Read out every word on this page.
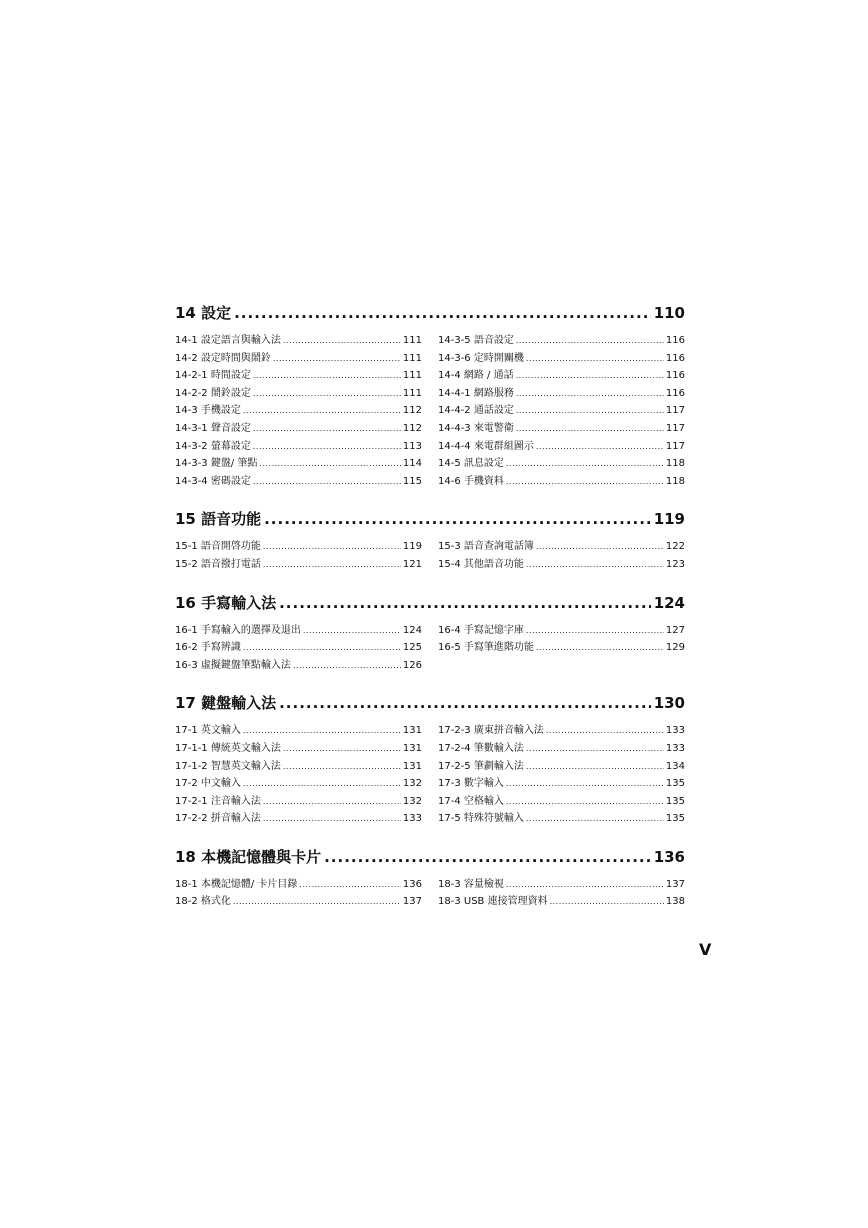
14 設定 .....	110
14-1 設定語言與輸入法 .....	111
14-2 設定時間與鬧鈴 .....	111
14-2-1 時間設定 .....	111
14-2-2 鬧鈴設定 .....	111
14-3 手機設定 .....	112
14-3-1 聲音設定 .....	112
14-3-2 螢幕設定 .....	113
14-3-3 鍵盤/ 筆點 .....	114
14-3-4 密碼設定 .....	115
14-3-5 語音設定 .....	116
14-3-6 定時開關機 .....	116
14-4 網路 / 通話 .....	116
14-4-1 網路服務 .....	116
14-4-2 通話設定 .....	117
14-4-3 來電警衛 .....	117
14-4-4 來電群組圖示 .....	117
14-5 訊息設定 .....	118
14-6 手機資料 .....	118
15 語音功能 .....	119
15-1 語音開啓功能 .....	119
15-2 語音撥打電話 .....	121
15-3 語音查詢電話簿 .....	122
15-4 其他語音功能 .....	123
16 手寫輸入法 .....	124
16-1 手寫輸入的選擇及退出 .....	124
16-2 手寫辨識 .....	125
16-3 虛擬鍵盤筆點輸入法 .....	126
16-4 手寫記憶字庫 .....	127
16-5 手寫筆進階功能 .....	129
17 鍵盤輸入法 .....	130
17-1 英文輸入 .....	131
17-1-1 傳統英文輸入法 .....	131
17-1-2 智慧英文輸入法 .....	131
17-2 中文輸入 .....	132
17-2-1 注音輸入法 .....	132
17-2-2 拼音輸入法 .....	133
17-2-3 廣東拼音輸入法 .....	133
17-2-4 筆數輸入法 .....	133
17-2-5 筆劃輸入法 .....	134
17-3 數字輸入 .....	135
17-4 空格輸入 .....	135
17-5 特殊符號輸入 .....	135
18 本機記憶體與卡片 .....	136
18-1 本機記憶體/ 卡片目錄 .....	136
18-2 格式化 .....	137
18-3 容量檢視 .....	137
18-3 USB 連接管理資料 .....	138
V
